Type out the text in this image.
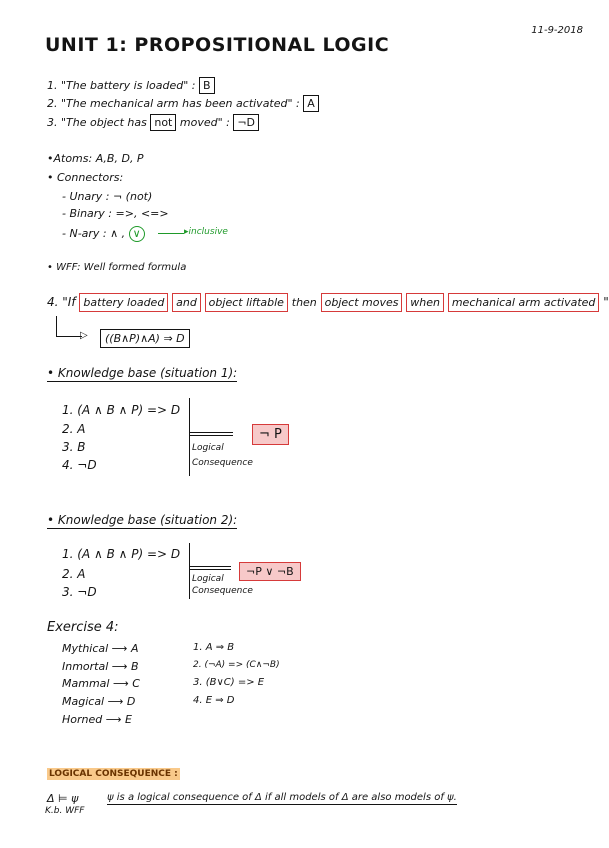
11-9-2018
UNIT 1: PROPOSITIONAL LOGIC
1. "The battery is loaded" : B
2. "The mechanical arm has been activated" : A
3. "The object has not moved" : ¬D
•Atoms: A,B, D, P
• Connectors:
- Unary : ¬ (not)
- Binary : =>, <=>
- N-ary : ∧ , ∨	▸inclusive
• WFF: Well formed formula
4. "If battery loaded and object liftable then object moves when mechanical arm activated "
▷	((B∧P)∧A) ⇒ D
• Knowledge base (situation 1):
1. (A ∧ B ∧ P) => D
2. A
3. B
4. ¬D
Logical
Consequence
¬ P
• Knowledge base (situation 2):
1. (A ∧ B ∧ P) => D
2. A
3. ¬D
Logical
Consequence
¬P ∨ ¬B
Exercise 4:
Mythical ⟶ A
Inmortal ⟶ B
Mammal ⟶ C
Magical ⟶ D
Horned ⟶ E
1. A ⇒ B
2. (¬A) => (C∧¬B)
3. (B∨C) => E
4. E ⇒ D
LOGICAL CONSEQUENCE :
Δ ⊨ ψ
K.b. WFF
ψ is a logical consequence of Δ if all models of Δ are also models of ψ.
